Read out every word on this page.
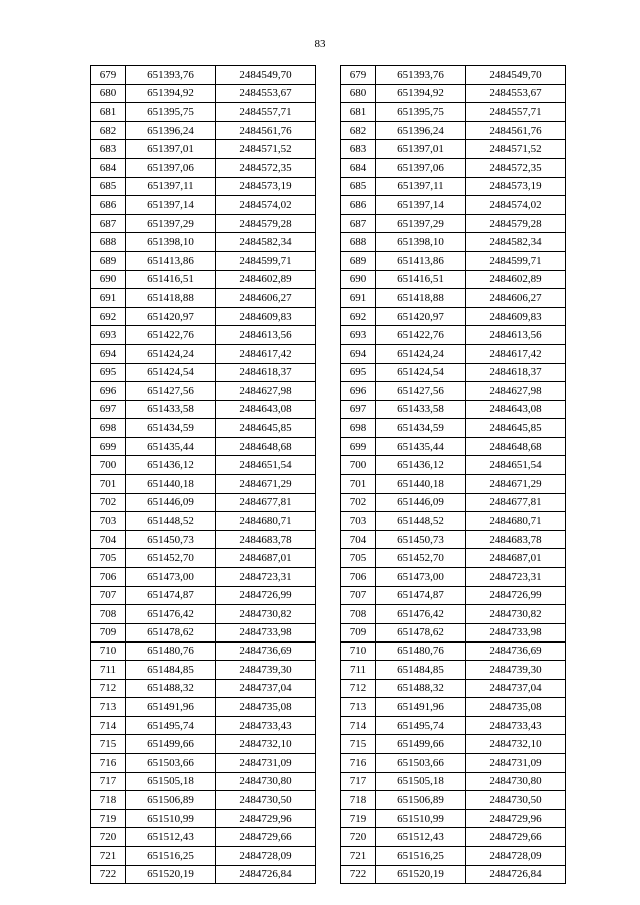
83
679	651393,76	2484549,70
680	651394,92	2484553,67
681	651395,75	2484557,71
682	651396,24	2484561,76
683	651397,01	2484571,52
684	651397,06	2484572,35
685	651397,11	2484573,19
686	651397,14	2484574,02
687	651397,29	2484579,28
688	651398,10	2484582,34
689	651413,86	2484599,71
690	651416,51	2484602,89
691	651418,88	2484606,27
692	651420,97	2484609,83
693	651422,76	2484613,56
694	651424,24	2484617,42
695	651424,54	2484618,37
696	651427,56	2484627,98
697	651433,58	2484643,08
698	651434,59	2484645,85
699	651435,44	2484648,68
700	651436,12	2484651,54
701	651440,18	2484671,29
702	651446,09	2484677,81
703	651448,52	2484680,71
704	651450,73	2484683,78
705	651452,70	2484687,01
706	651473,00	2484723,31
707	651474,87	2484726,99
708	651476,42	2484730,82
709	651478,62	2484733,98
710	651480,76	2484736,69
711	651484,85	2484739,30
712	651488,32	2484737,04
713	651491,96	2484735,08
714	651495,74	2484733,43
715	651499,66	2484732,10
716	651503,66	2484731,09
717	651505,18	2484730,80
718	651506,89	2484730,50
719	651510,99	2484729,96
720	651512,43	2484729,66
721	651516,25	2484728,09
722	651520,19	2484726,84
679	651393,76	2484549,70
680	651394,92	2484553,67
681	651395,75	2484557,71
682	651396,24	2484561,76
683	651397,01	2484571,52
684	651397,06	2484572,35
685	651397,11	2484573,19
686	651397,14	2484574,02
687	651397,29	2484579,28
688	651398,10	2484582,34
689	651413,86	2484599,71
690	651416,51	2484602,89
691	651418,88	2484606,27
692	651420,97	2484609,83
693	651422,76	2484613,56
694	651424,24	2484617,42
695	651424,54	2484618,37
696	651427,56	2484627,98
697	651433,58	2484643,08
698	651434,59	2484645,85
699	651435,44	2484648,68
700	651436,12	2484651,54
701	651440,18	2484671,29
702	651446,09	2484677,81
703	651448,52	2484680,71
704	651450,73	2484683,78
705	651452,70	2484687,01
706	651473,00	2484723,31
707	651474,87	2484726,99
708	651476,42	2484730,82
709	651478,62	2484733,98
710	651480,76	2484736,69
711	651484,85	2484739,30
712	651488,32	2484737,04
713	651491,96	2484735,08
714	651495,74	2484733,43
715	651499,66	2484732,10
716	651503,66	2484731,09
717	651505,18	2484730,80
718	651506,89	2484730,50
719	651510,99	2484729,96
720	651512,43	2484729,66
721	651516,25	2484728,09
722	651520,19	2484726,84
